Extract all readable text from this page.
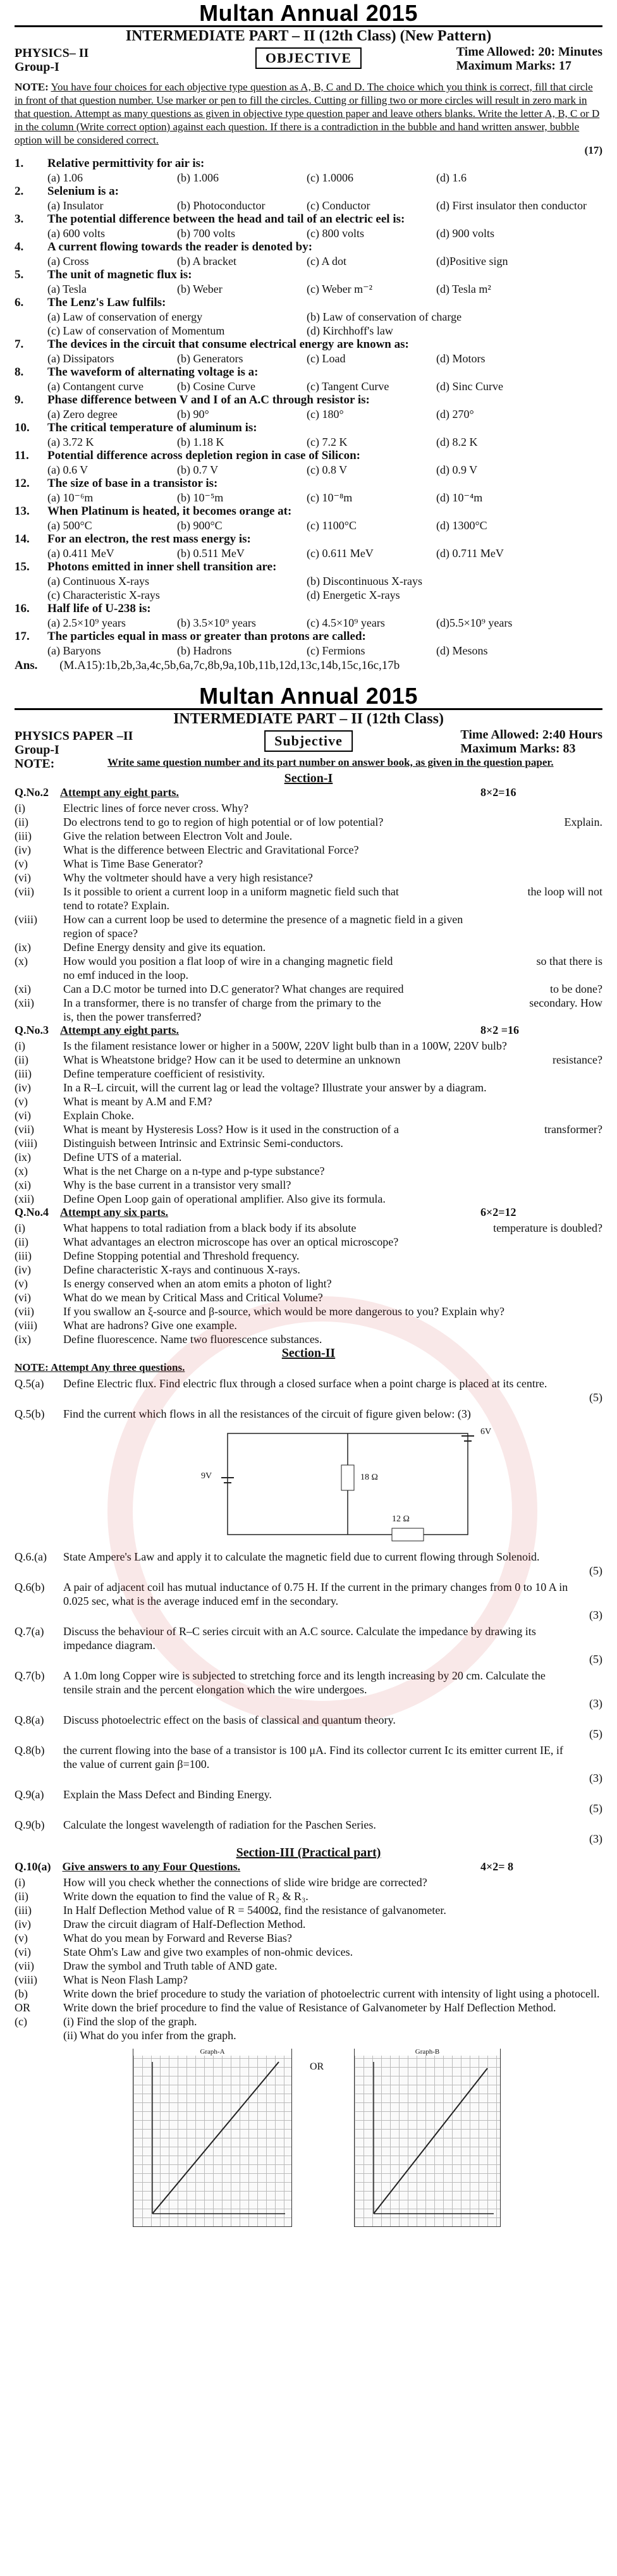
Multan Annual 2015
INTERMEDIATE PART – II (12th Class) (New Pattern)
PHYSICS– II
Group-I
OBJECTIVE	Time Allowed: 20: Minutes
Maximum Marks: 17
NOTE: You have four choices for each objective type question as A, B, C and D. The choice which you think is correct, fill that circle in front of that question number. Use marker or pen to fill the circles. Cutting or filling two or more circles will result in zero mark in that question. Attempt as many questions as given in objective type question paper and leave others blanks. Write the letter A, B, C or D in the column (Write correct option) against each question. If there is a contradiction in the bubble and hand written answer, bubble option will be considered correct.
(17)
1. Relative permittivity for air is:
(a) 1.06	(b) 1.006	(c) 1.0006	(d) 1.6
2. Selenium is a:
(a) Insulator	(b) Photoconductor	(c) Conductor	(d) First insulator then conductor
3. The potential difference between the head and tail of an electric eel is:
(a) 600 volts	(b) 700 volts	(c) 800 volts	(d) 900 volts
4. A current flowing towards the reader is denoted by:
(a) Cross	(b) A bracket	(c) A dot	(d)Positive sign
5. The unit of magnetic flux is:
(a) Tesla	(b) Weber	(c) Weber m⁻²	(d) Tesla m²
6. The Lenz's Law fulfils:
(a) Law of conservation of energy	(b) Law of conservation of charge
(c) Law of conservation of Momentum	(d) Kirchhoff's law
7. The devices in the circuit that consume electrical energy are known as:
(a) Dissipators	(b) Generators	(c) Load	(d) Motors
8. The waveform of alternating voltage is a:
(a) Contangent curve	(b) Cosine Curve	(c) Tangent Curve	(d) Sinc Curve
9. Phase difference between V and I of an A.C through resistor is:
(a) Zero degree	(b) 90°	(c) 180°	(d) 270°
10. The critical temperature of aluminum is:
(a) 3.72 K	(b) 1.18 K	(c) 7.2 K	(d) 8.2 K
11. Potential difference across depletion region in case of Silicon:
(a) 0.6 V	(b) 0.7 V	(c) 0.8 V	(d) 0.9 V
12. The size of base in a transistor is:
(a) 10⁻⁶m	(b) 10⁻⁵m	(c) 10⁻⁸m	(d) 10⁻⁴m
13. When Platinum is heated, it becomes orange at:
(a) 500°C	(b) 900°C	(c) 1100°C	(d) 1300°C
14. For an electron, the rest mass energy is:
(a) 0.411 MeV	(b) 0.511 MeV	(c) 0.611 MeV	(d) 0.711 MeV
15. Photons emitted in inner shell transition are:
(a) Continuous X-rays	(b) Discontinuous X-rays
(c) Characteristic X-rays	(d) Energetic X-rays
16. Half life of U-238 is:
(a) 2.5×10⁹ years	(b) 3.5×10⁹ years	(c) 4.5×10⁹ years	(d)5.5×10⁹ years
17. The particles equal in mass or greater than protons are called:
(a) Baryons	(b) Hadrons	(c) Fermions	(d) Mesons
Ans. (M.A15):1b,2b,3a,4c,5b,6a,7c,8b,9a,10b,11b,12d,13c,14b,15c,16c,17b
Multan Annual 2015
INTERMEDIATE PART – II (12th Class)
PHYSICS PAPER –II
Group-I
NOTE:
Subjective	Time Allowed: 2:40 Hours
Maximum Marks: 83
Write same question number and its part number on answer book, as given in the question paper.
Section-I
Q.No.2 Attempt any eight parts.	8×2=16
(i)	Electric lines of force never cross. Why?
(ii)	Do electrons tend to go to region of high potential or of low potential?	Explain.
(iii)	Give the relation between Electron Volt and Joule.
(iv)	What is the difference between Electric and Gravitational Force?
(v)	What is Time Base Generator?
(vi)	Why the voltmeter should have a very high resistance?
(vii)	Is it possible to orient a current loop in a uniform magnetic field such that	the loop will not
tend to rotate? Explain.
(viii) How can a current loop be used to determine the presence of a magnetic field in a given
region of space?
(ix)	Define Energy density and give its equation.
(x)	How would you position a flat loop of wire in a changing magnetic field	so that there is
no emf induced in the loop.
(xi)	Can a D.C motor be turned into D.C generator? What changes are required	to be done?
(xii)	In a transformer, there is no transfer of charge from the primary to the	secondary. How
is, then the power transferred?
Q.No.3 Attempt any eight parts.	8×2 =16
(i)	Is the filament resistance lower or higher in a 500W, 220V light bulb than in a 100W, 220V bulb?
(ii)	What is Wheatstone bridge? How can it be used to determine an unknown	resistance?
(iii)	Define temperature coefficient of resistivity.
(iv)	In a R–L circuit, will the current lag or lead the voltage? Illustrate your answer by a diagram.
(v)	What is meant by A.M and F.M?
(vi)	Explain Choke.
(vii)	What is meant by Hysteresis Loss? How is it used in the construction of a	transformer?
(viii) Distinguish between Intrinsic and Extrinsic Semi-conductors.
(ix)	Define UTS of a material.
(x)	What is the net Charge on a n-type and p-type substance?
(xi)	Why is the base current in a transistor very small?
(xii)	Define Open Loop gain of operational amplifier. Also give its formula.
Q.No.4 Attempt any six parts.	6×2=12
(i)	What happens to total radiation from a black body if its absolute	temperature is doubled?
(ii)	What advantages an electron microscope has over an optical microscope?
(iii)	Define Stopping potential and Threshold frequency.
(iv)	Define characteristic X-rays and continuous X-rays.
(v)	Is energy conserved when an atom emits a photon of light?
(vi)	What do we mean by Critical Mass and Critical Volume?
(vii)	If you swallow an ξ-source and β-source, which would be more dangerous to you? Explain why?
(viii) What are hadrons? Give one example.
(ix)	Define fluorescence. Name two fluorescence substances.
Section-II
NOTE: Attempt Any three questions.
Q.5(a) Define Electric flux. Find electric flux through a closed surface when a point charge is placed at its centre.
(5)
Q.5(b) Find the current which flows in all the resistances of the circuit of figure given below: (3)
9V
6V
18 Ω
12 Ω
Q.6.(a) State Ampere's Law and apply it to calculate the magnetic field due to current flowing through Solenoid.
(5)
Q.6(b) A pair of adjacent coil has mutual inductance of 0.75 H. If the current in the primary changes from 0 to 10 A in 0.025 sec, what is the average induced emf in the secondary.
(3)
Q.7(a) Discuss the behaviour of R–C series circuit with an A.C source. Calculate the impedance by drawing its impedance diagram.
(5)
Q.7(b) A 1.0m long Copper wire is subjected to stretching force and its length increasing by 20 cm. Calculate the tensile strain and the percent elongation which the wire undergoes.
(3)
Q.8(a) Discuss photoelectric effect on the basis of classical and quantum theory.
(5)
Q.8(b) the current flowing into the base of a transistor is 100 μA. Find its collector current Ic its emitter current IE, if the value of current gain β=100.
(3)
Q.9(a) Explain the Mass Defect and Binding Energy.
(5)
Q.9(b) Calculate the longest wavelength of radiation for the Paschen Series.
(3)
Section-III (Practical part)
Q.10(a) Give answers to any Four Questions.	4×2= 8
(i)	How will you check whether the connections of slide wire bridge are corrected?
(ii)	Write down the equation to find the value of R₂ & R₃.
(iii)	In Half Deflection Method value of R = 5400Ω, find the resistance of galvanometer.
(iv)	Draw the circuit diagram of Half-Deflection Method.
(v)	What do you mean by Forward and Reverse Bias?
(vi)	State Ohm's Law and give two examples of non-ohmic devices.
(vii)	Draw the symbol and Truth table of AND gate.
(viii) What is Neon Flash Lamp?
(b)	Write down the brief procedure to study the variation of photoelectric current with intensity of light using a photocell.
OR	Write down the brief procedure to find the value of Resistance of Galvanometer by Half Deflection Method.
(c)	(i) Find the slop of the graph.
(ii) What do you infer from the graph.
Graph-A
OR
Graph-B
